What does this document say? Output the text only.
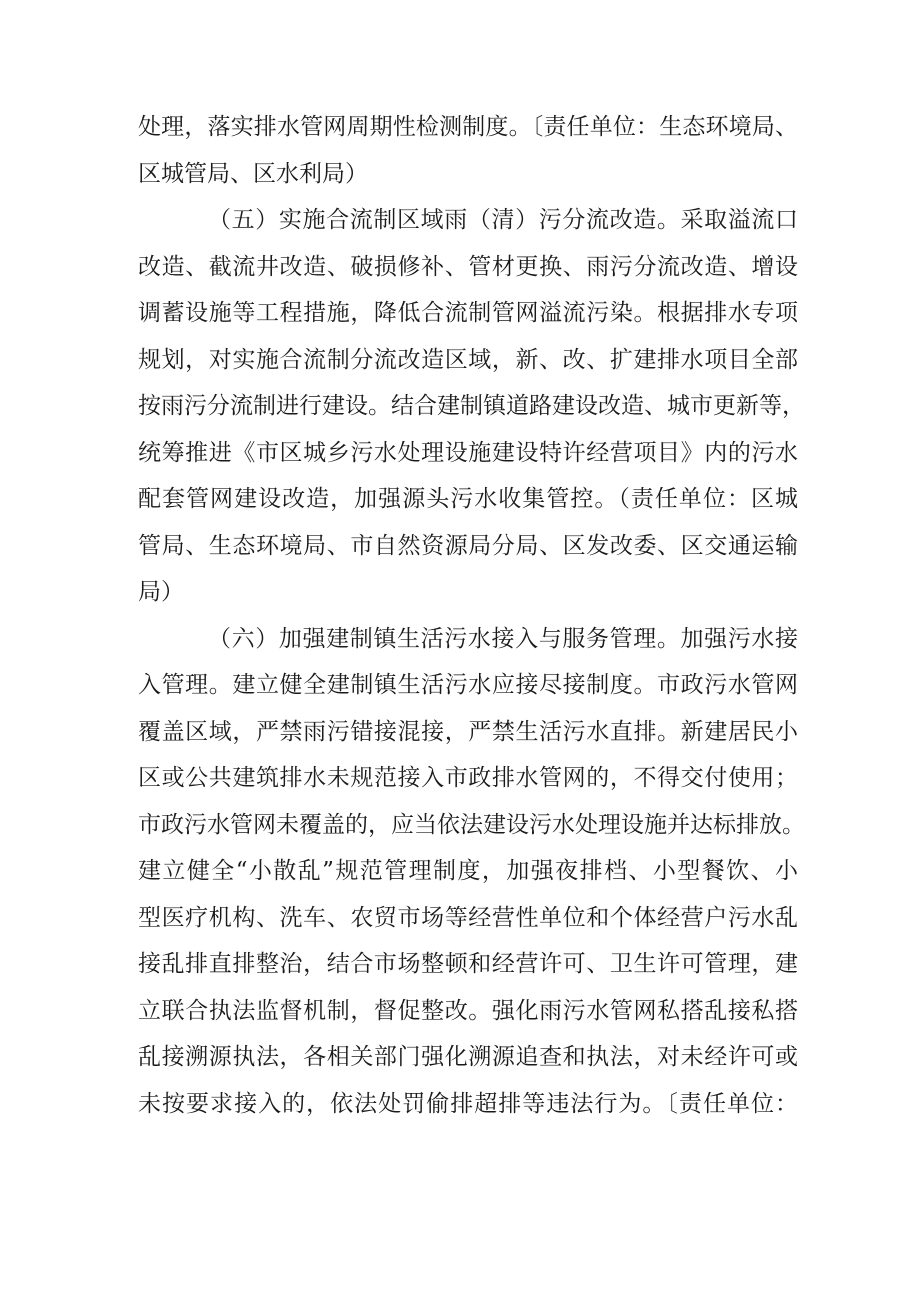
处理，落实排水管网周期性检测制度。〔责任单位：生态环境局、
区城管局、区水利局）
（五）实施合流制区域雨（清）污分流改造。采取溢流口
改造、截流井改造、破损修补、管材更换、雨污分流改造、增设
调蓄设施等工程措施，降低合流制管网溢流污染。根据排水专项
规划，对实施合流制分流改造区域，新、改、扩建排水项目全部
按雨污分流制进行建设。结合建制镇道路建设改造、城市更新等，
统筹推进《市区城乡污水处理设施建设特许经营项目》内的污水
配套管网建设改造，加强源头污水收集管控。（责任单位：区城
管局、生态环境局、市自然资源局分局、区发改委、区交通运输
局）
（六）加强建制镇生活污水接入与服务管理。加强污水接
入管理。建立健全建制镇生活污水应接尽接制度。市政污水管网
覆盖区域，严禁雨污错接混接，严禁生活污水直排。新建居民小
区或公共建筑排水未规范接入市政排水管网的，不得交付使用；
市政污水管网未覆盖的，应当依法建设污水处理设施并达标排放。
建立健全“小散乱”规范管理制度，加强夜排档、小型餐饮、小
型医疗机构、洗车、农贸市场等经营性单位和个体经营户污水乱
接乱排直排整治，结合市场整顿和经营许可、卫生许可管理，建
立联合执法监督机制，督促整改。强化雨污水管网私搭乱接私搭
乱接溯源执法，各相关部门强化溯源追查和执法，对未经许可或
未按要求接入的，依法处罚偷排超排等违法行为。〔责任单位：
